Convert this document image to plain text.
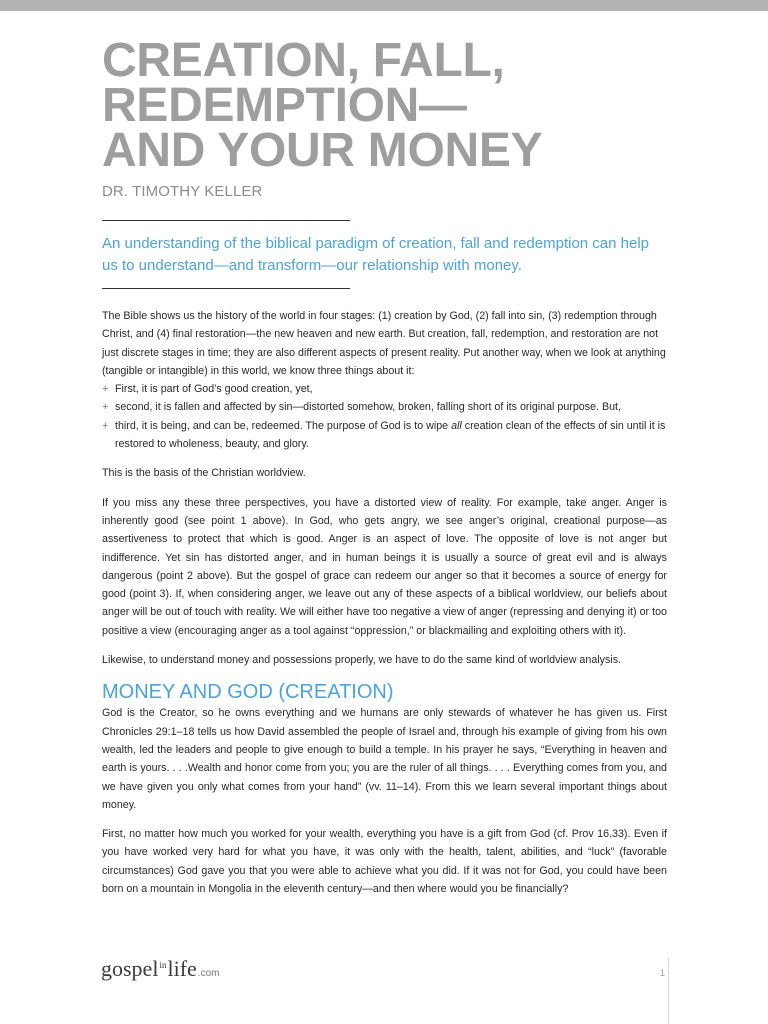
CREATION, FALL,
REDEMPTION—
AND YOUR MONEY
DR. TIMOTHY KELLER

An understanding of the biblical paradigm of creation, fall and redemption can help us to understand—and transform—our relationship with money.

The Bible shows us the history of the world in four stages: (1) creation by God, (2) fall into sin, (3) redemption through Christ, and (4) final restoration—the new heaven and new earth. But creation, fall, redemption, and restoration are not just discrete stages in time; they are also different aspects of present reality. Put another way, when we look at anything (tangible or intangible) in this world, we know three things about it:

+ First, it is part of God’s good creation, yet,
+ second, it is fallen and affected by sin—distorted somehow, broken, falling short of its original purpose. But,
+ third, it is being, and can be, redeemed. The purpose of God is to wipe all creation clean of the effects of sin until it is restored to wholeness, beauty, and glory.

This is the basis of the Christian worldview.

If you miss any these three perspectives, you have a distorted view of reality. For example, take anger. Anger is inherently good (see point 1 above). In God, who gets angry, we see anger’s original, creational purpose—as assertiveness to protect that which is good. Anger is an aspect of love. The opposite of love is not anger but indifference. Yet sin has distorted anger, and in human beings it is usually a source of great evil and is always dangerous (point 2 above). But the gospel of grace can redeem our anger so that it becomes a source of energy for good (point 3). If, when considering anger, we leave out any of these aspects of a biblical worldview, our beliefs about anger will be out of touch with reality. We will either have too negative a view of anger (repressing and denying it) or too positive a view (encouraging anger as a tool against “oppression,” or blackmailing and exploiting others with it).

Likewise, to understand money and possessions properly, we have to do the same kind of worldview analysis.

MONEY AND GOD (CREATION)

God is the Creator, so he owns everything and we humans are only stewards of whatever he has given us. First Chronicles 29:1–18 tells us how David assembled the people of Israel and, through his example of giving from his own wealth, led the leaders and people to give enough to build a temple. In his prayer he says, “Everything in heaven and earth is yours. . . .Wealth and honor come from you; you are the ruler of all things. . . . Everything comes from you, and we have given you only what comes from your hand” (vv. 11–14). From this we learn several important things about money.

First, no matter how much you worked for your wealth, everything you have is a gift from God (cf. Prov 16.33). Even if you have worked very hard for what you have, it was only with the health, talent, abilities, and “luck” (favorable circumstances) God gave you that you were able to achieve what you did. If it was not for God, you could have been born on a mountain in Mongolia in the eleventh century—and then where would you be financially?

gospel$^{in}$life.com	1
